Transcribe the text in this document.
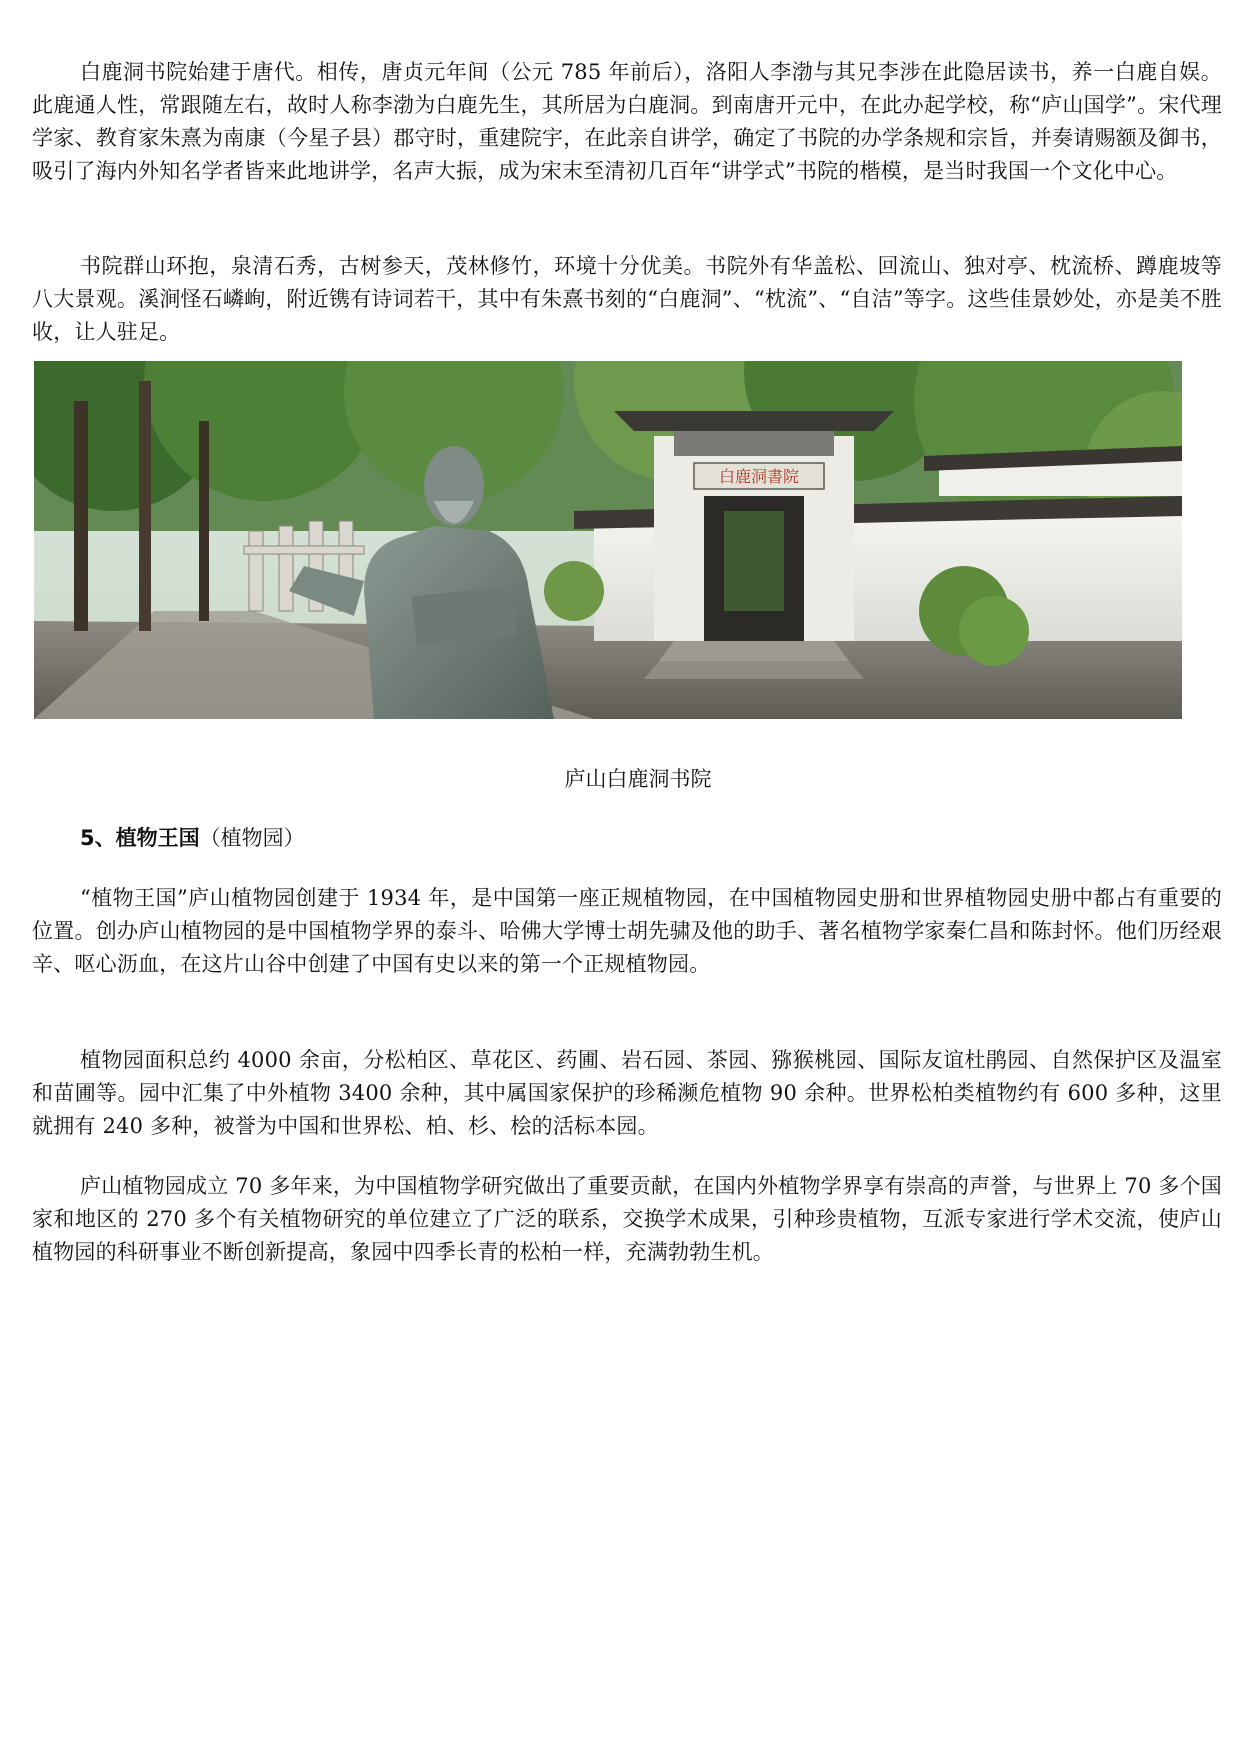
白鹿洞书院始建于唐代。相传，唐贞元年间（公元 785 年前后），洛阳人李渤与其兄李涉在此隐居读书，养一白鹿自娱。此鹿通人性，常跟随左右，故时人称李渤为白鹿先生，其所居为白鹿洞。到南唐开元中，在此办起学校，称“庐山国学”。宋代理学家、教育家朱熹为南康（今星子县）郡守时，重建院宇，在此亲自讲学，确定了书院的办学条规和宗旨，并奏请赐额及御书，吸引了海内外知名学者皆来此地讲学，名声大振，成为宋末至清初几百年“讲学式”书院的楷模，是当时我国一个文化中心。

书院群山环抱，泉清石秀，古树参天，茂林修竹，环境十分优美。书院外有华盖松、回流山、独对亭、枕流桥、蹲鹿坡等八大景观。溪涧怪石嶙峋，附近镌有诗词若干，其中有朱熹书刻的“白鹿洞”、“枕流”、“自洁”等字。这些佳景妙处，亦是美不胜收，让人驻足。

白鹿洞書院

庐山白鹿洞书院

5、植物王国（植物园）

“植物王国”庐山植物园创建于 1934 年，是中国第一座正规植物园，在中国植物园史册和世界植物园史册中都占有重要的位置。创办庐山植物园的是中国植物学界的泰斗、哈佛大学博士胡先骕及他的助手、著名植物学家秦仁昌和陈封怀。他们历经艰辛、呕心沥血，在这片山谷中创建了中国有史以来的第一个正规植物园。

植物园面积总约 4000 余亩，分松柏区、草花区、药圃、岩石园、茶园、猕猴桃园、国际友谊杜鹃园、自然保护区及温室和苗圃等。园中汇集了中外植物 3400 余种，其中属国家保护的珍稀濒危植物 90 余种。世界松柏类植物约有 600 多种，这里就拥有 240 多种，被誉为中国和世界松、柏、杉、桧的活标本园。

庐山植物园成立 70 多年来，为中国植物学研究做出了重要贡献，在国内外植物学界享有崇高的声誉，与世界上 70 多个国家和地区的 270 多个有关植物研究的单位建立了广泛的联系，交换学术成果，引种珍贵植物，互派专家进行学术交流，使庐山植物园的科研事业不断创新提高，象园中四季长青的松柏一样，充满勃勃生机。
